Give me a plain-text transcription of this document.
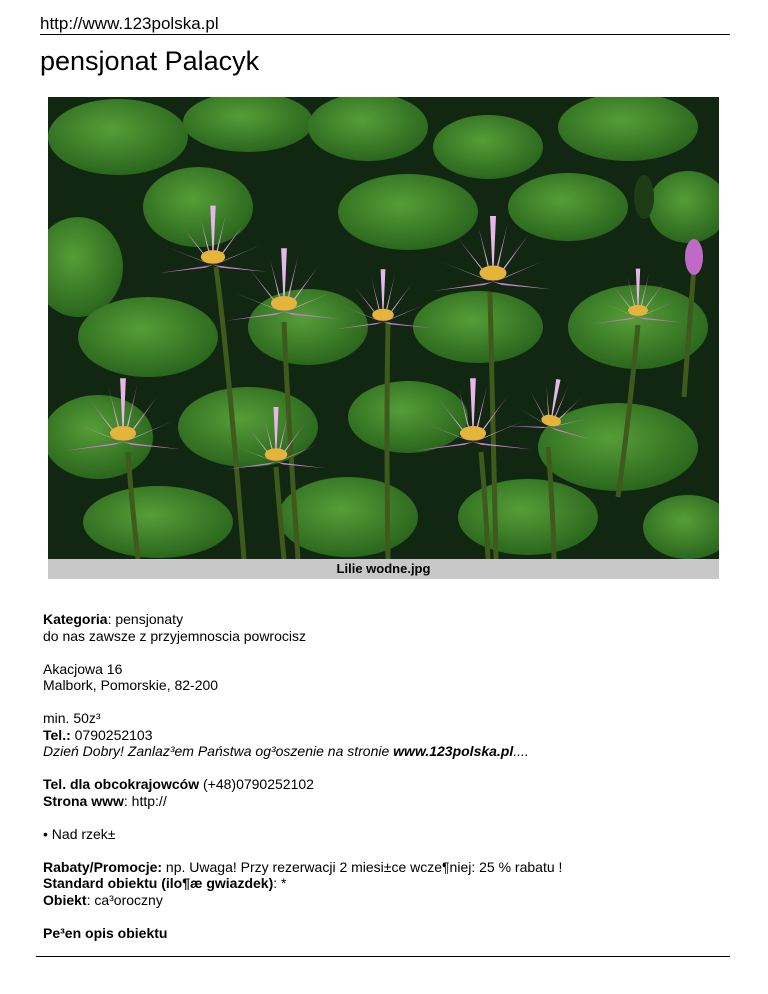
http://www.123polska.pl
pensjonat Palacyk
Lilie wodne.jpg

Kategoria: pensjonaty

do nas zawsze z przyjemnoscia powrocisz

Akacjowa 16

Malbork, Pomorskie, 82-200

min. 50z³

Tel.: 0790252103

Dzień Dobry! Zanlaz³em Państwa og³oszenie na stronie www.123polska.pl....

Tel. dla obcokrajowców (+48)0790252102

Strona www: http://

• Nad rzek±

Rabaty/Promocje: np. Uwaga! Przy rezerwacji 2 miesi±ce wcze¶niej: 25 % rabatu !

Standard obiektu (ilo¶æ gwiazdek): *

Obiekt: ca³oroczny

Pe³en opis obiektu
